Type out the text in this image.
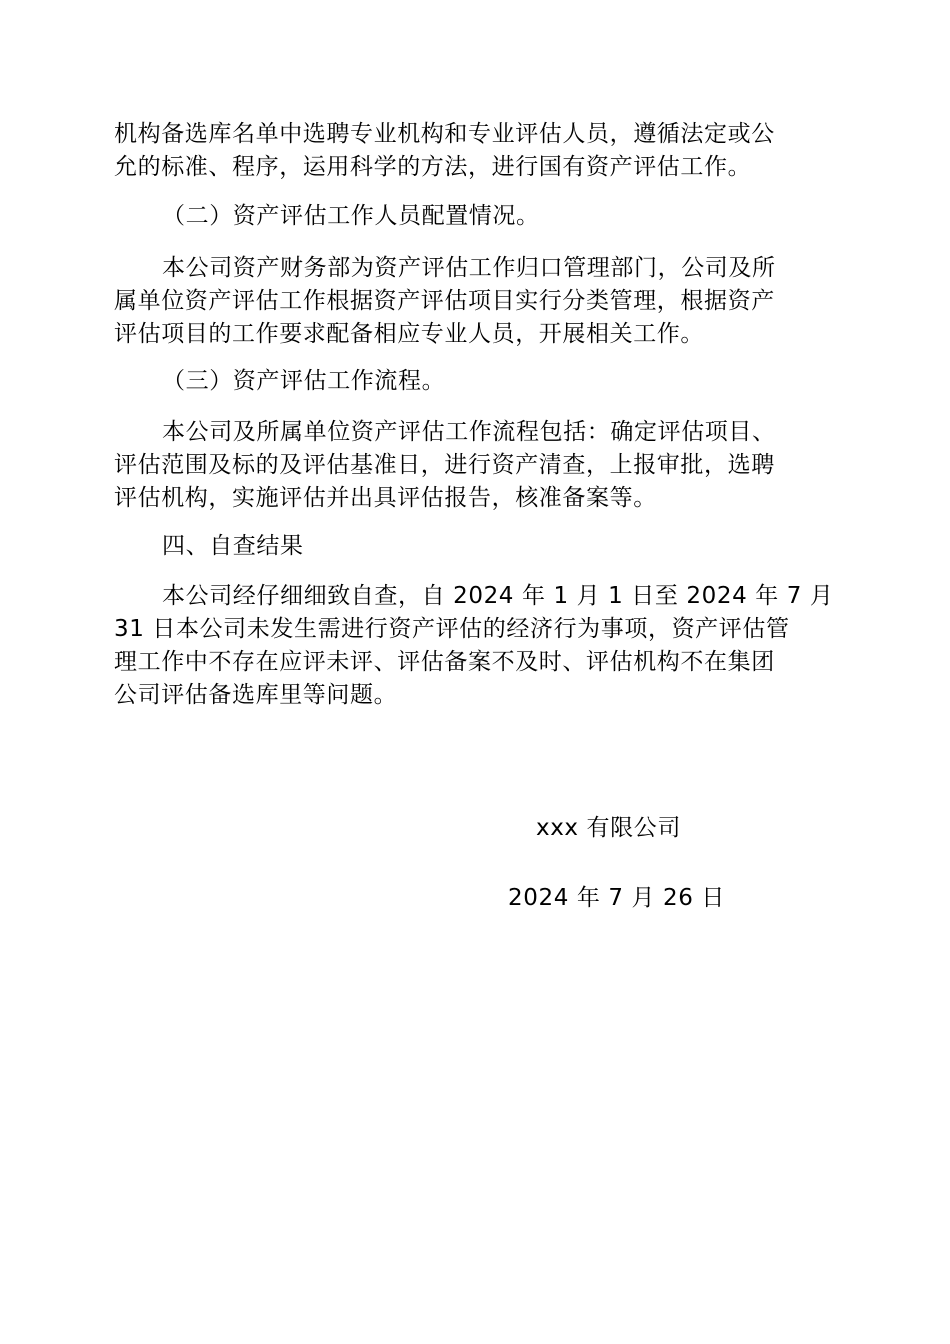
机构备选库名单中选聘专业机构和专业评估人员，遵循法定或公
允的标准、程序，运用科学的方法，进行国有资产评估工作。

（二）资产评估工作人员配置情况。

本公司资产财务部为资产评估工作归口管理部门，公司及所
属单位资产评估工作根据资产评估项目实行分类管理，根据资产
评估项目的工作要求配备相应专业人员，开展相关工作。

（三）资产评估工作流程。

本公司及所属单位资产评估工作流程包括：确定评估项目、
评估范围及标的及评估基准日，进行资产清查，上报审批，选聘
评估机构，实施评估并出具评估报告，核准备案等。

四、自查结果

本公司经仔细细致自查，自 2024 年 1 月 1 日至 2024 年 7 月
31 日本公司未发生需进行资产评估的经济行为事项，资产评估管
理工作中不存在应评未评、评估备案不及时、评估机构不在集团
公司评估备选库里等问题。

xxx 有限公司

2024 年 7 月 26 日
